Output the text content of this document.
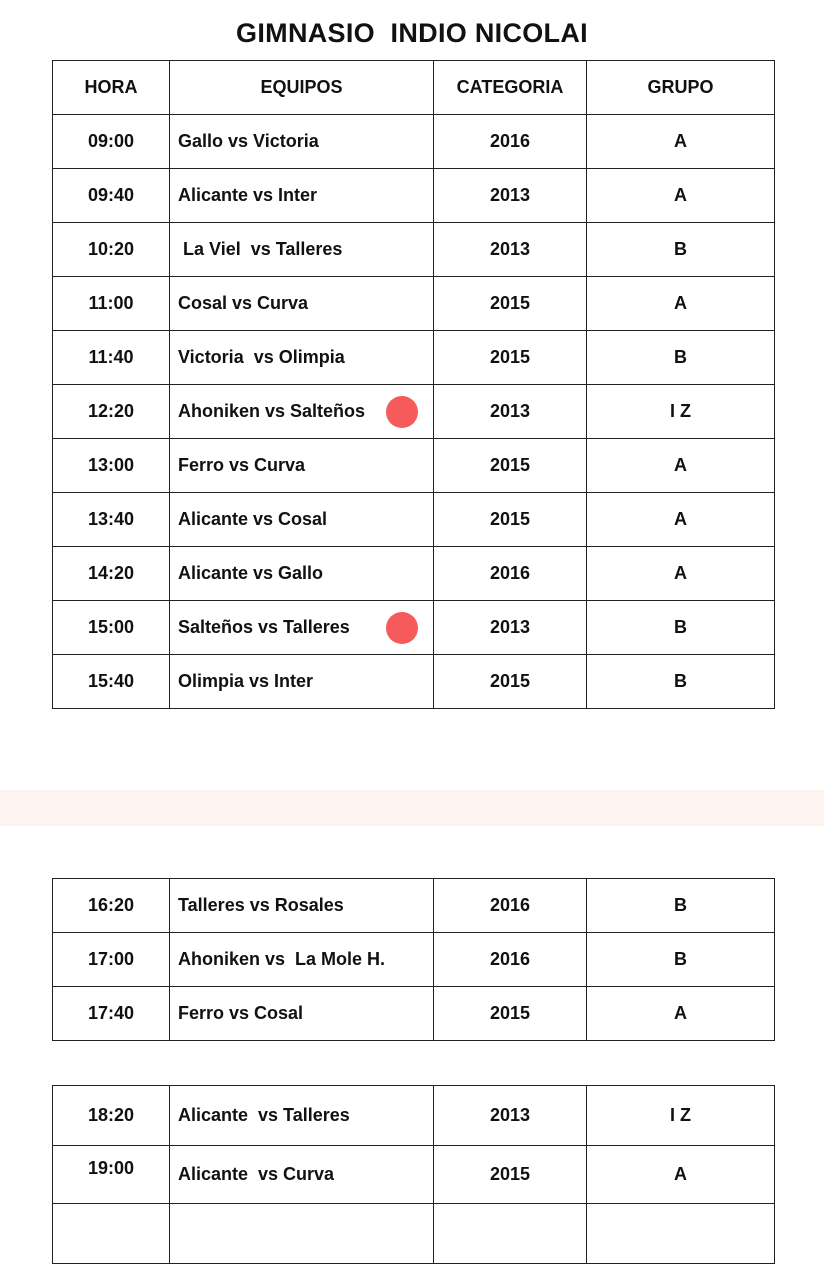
GIMNASIO  INDIO NICOLAI
HORA	EQUIPOS	CATEGORIA	GRUPO
09:00	Gallo vs Victoria	2016	A
09:40	Alicante vs Inter	2013	A
10:20	La Viel  vs Talleres	2013	B
11:00	Cosal vs Curva	2015	A
11:40	Victoria  vs Olimpia	2015	B
12:20	Ahoniken vs Salteños	2013	I Z
13:00	Ferro vs Curva	2015	A
13:40	Alicante vs Cosal	2015	A
14:20	Alicante vs Gallo	2016	A
15:00	Salteños vs Talleres	2013	B
15:40	Olimpia vs Inter	2015	B
16:20	Talleres vs Rosales	2016	B
17:00	Ahoniken vs  La Mole H.	2016	B
17:40	Ferro vs Cosal	2015	A
18:20	Alicante  vs Talleres	2013	I Z
19:00	Alicante  vs Curva	2015	A
